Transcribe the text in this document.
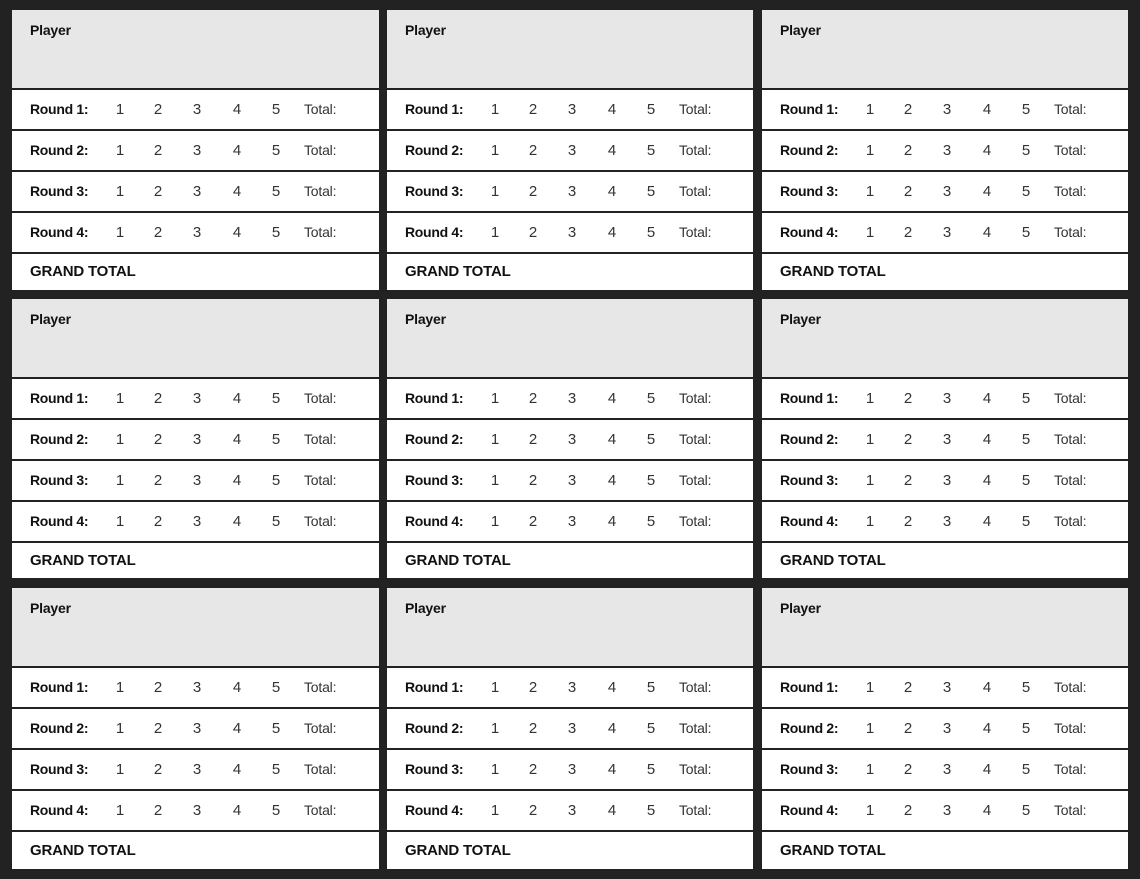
Player
Round 1:	1	2	3	4	5	Total:
Round 2:	1	2	3	4	5	Total:
Round 3:	1	2	3	4	5	Total:
Round 4:	1	2	3	4	5	Total:
GRAND TOTAL
Player
Round 1:	1	2	3	4	5	Total:
Round 2:	1	2	3	4	5	Total:
Round 3:	1	2	3	4	5	Total:
Round 4:	1	2	3	4	5	Total:
GRAND TOTAL
Player
Round 1:	1	2	3	4	5	Total:
Round 2:	1	2	3	4	5	Total:
Round 3:	1	2	3	4	5	Total:
Round 4:	1	2	3	4	5	Total:
GRAND TOTAL
Player
Round 1:	1	2	3	4	5	Total:
Round 2:	1	2	3	4	5	Total:
Round 3:	1	2	3	4	5	Total:
Round 4:	1	2	3	4	5	Total:
GRAND TOTAL
Player
Round 1:	1	2	3	4	5	Total:
Round 2:	1	2	3	4	5	Total:
Round 3:	1	2	3	4	5	Total:
Round 4:	1	2	3	4	5	Total:
GRAND TOTAL
Player
Round 1:	1	2	3	4	5	Total:
Round 2:	1	2	3	4	5	Total:
Round 3:	1	2	3	4	5	Total:
Round 4:	1	2	3	4	5	Total:
GRAND TOTAL
Player
Round 1:	1	2	3	4	5	Total:
Round 2:	1	2	3	4	5	Total:
Round 3:	1	2	3	4	5	Total:
Round 4:	1	2	3	4	5	Total:
GRAND TOTAL
Player
Round 1:	1	2	3	4	5	Total:
Round 2:	1	2	3	4	5	Total:
Round 3:	1	2	3	4	5	Total:
Round 4:	1	2	3	4	5	Total:
GRAND TOTAL
Player
Round 1:	1	2	3	4	5	Total:
Round 2:	1	2	3	4	5	Total:
Round 3:	1	2	3	4	5	Total:
Round 4:	1	2	3	4	5	Total:
GRAND TOTAL
